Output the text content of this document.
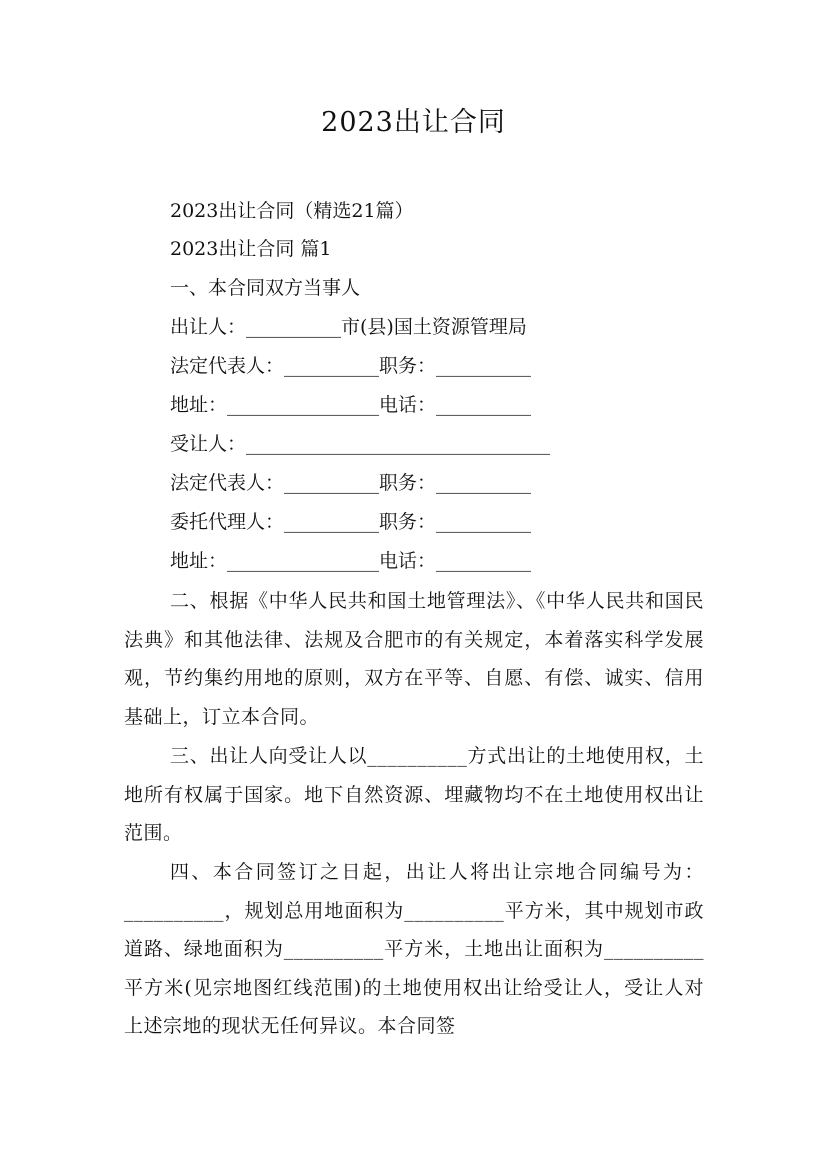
2023出让合同
2023出让合同（精选21篇）
2023出让合同 篇1
一、本合同双方当事人
出让人：__________市(县)国土资源管理局
法定代表人：__________职务：__________
地址：________________电话：__________
受让人：________________________________
法定代表人：__________职务：__________
委托代理人：__________职务：__________
地址：________________电话：__________
二、根据《中华人民共和国土地管理法》、《中华人民共和国民法典》和其他法律、法规及合肥市的有关规定，本着落实科学发展观，节约集约用地的原则，双方在平等、自愿、有偿、诚实、信用基础上，订立本合同。
三、出让人向受让人以__________方式出让的土地使用权，土地所有权属于国家。地下自然资源、埋藏物均不在土地使用权出让范围。
四、本合同签订之日起，出让人将出让宗地合同编号为：__________，规划总用地面积为__________平方米，其中规划市政道路、绿地面积为__________平方米，土地出让面积为__________平方米(见宗地图红线范围)的土地使用权出让给受让人，受让人对上述宗地的现状无任何异议。本合同签
